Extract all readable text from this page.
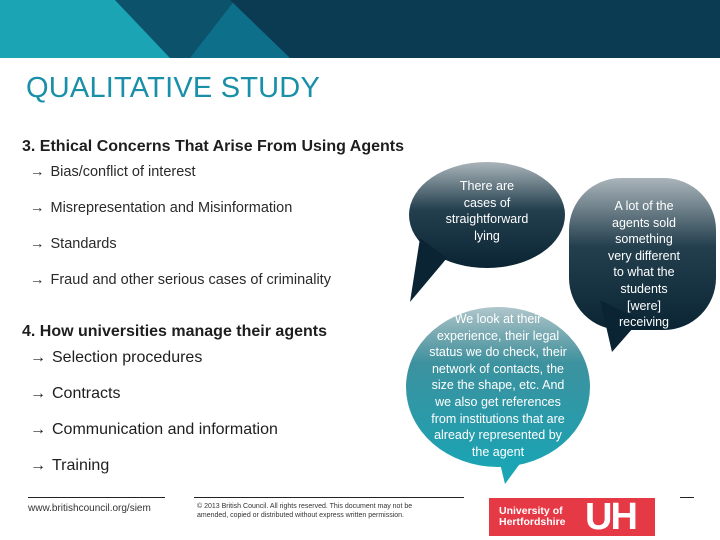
QUALITATIVE STUDY
3. Ethical Concerns That Arise From Using Agents
→ Bias/conflict of interest
→ Misrepresentation and Misinformation
→ Standards
→ Fraud and other serious cases of criminality
4. How universities manage their agents
→ Selection procedures
→ Contracts
→ Communication and information
→ Training
There are
cases of
straightforward
lying
A lot of the
agents sold
something
very different
to what the
students
[were]
receiving
We look at their
experience, their legal
status we do check, their
network of contacts, the
size the shape, etc. And
we also get references
from institutions that are
already represented by
the agent
www.britishcouncil.org/siem	© 2013 British Council. All rights reserved. This document may not be
amended, copied or distributed without express written permission.	University of
Hertfordshire UH
